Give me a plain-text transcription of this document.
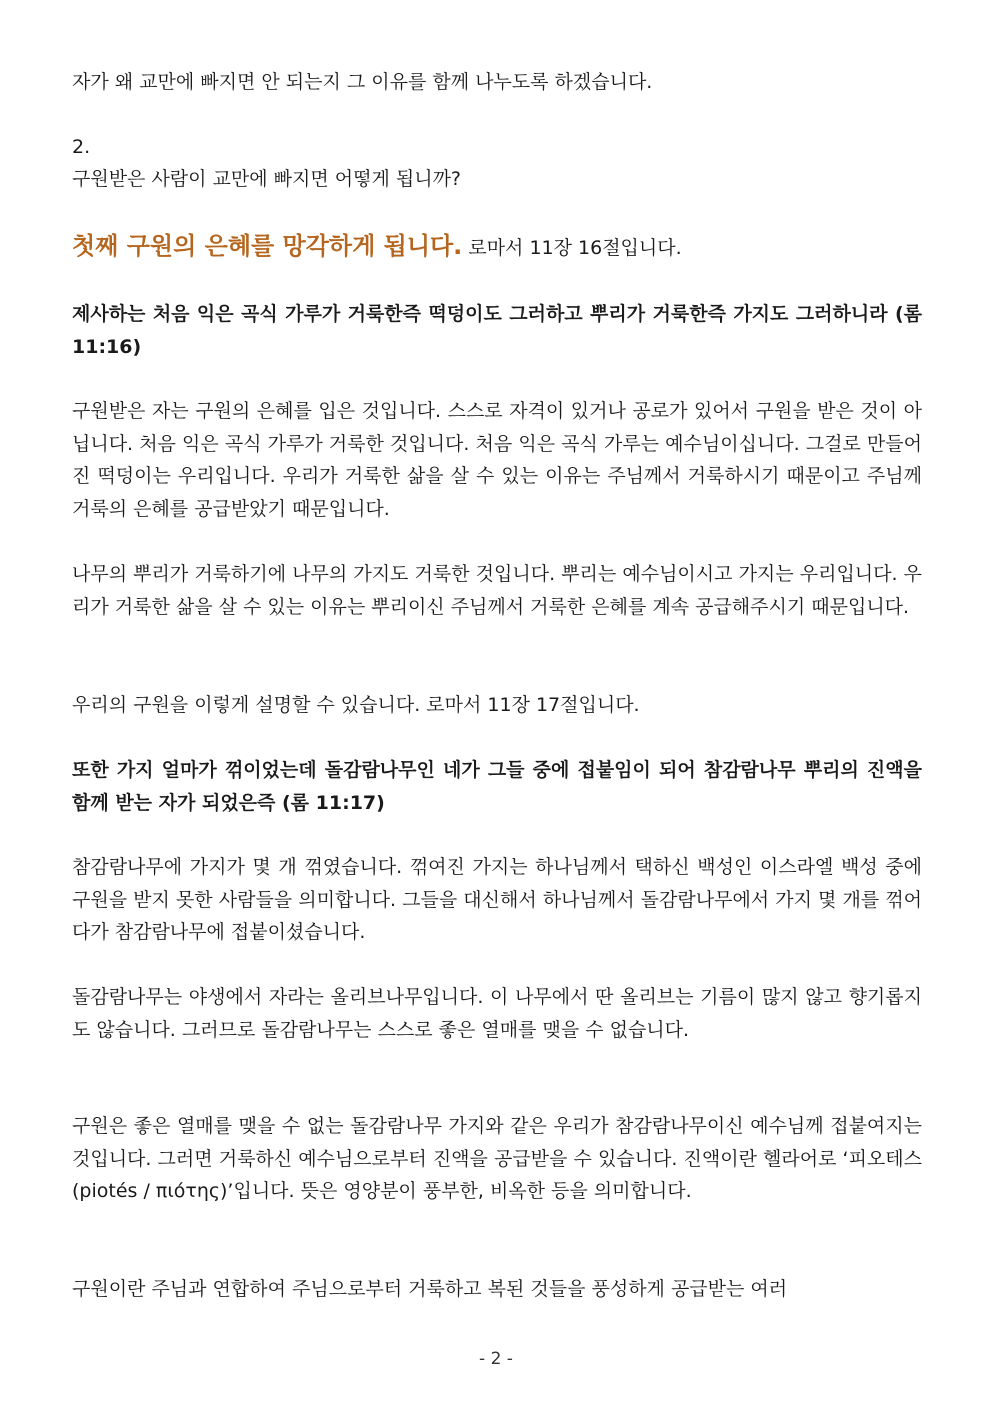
자가 왜 교만에 빠지면 안 되는지 그 이유를 함께 나누도록 하겠습니다.
2.
구원받은 사람이 교만에 빠지면 어떻게 됩니까?
첫째 구원의 은혜를 망각하게 됩니다. 로마서 11장 16절입니다.

제사하는 처음 익은 곡식 가루가 거룩한즉 떡덩이도 그러하고 뿌리가 거룩한즉 가지도 그러하니라 (롬 11:16)

구원받은 자는 구원의 은혜를 입은 것입니다. 스스로 자격이 있거나 공로가 있어서 구원을 받은 것이 아닙니다. 처음 익은 곡식 가루가 거룩한 것입니다. 처음 익은 곡식 가루는 예수님이십니다. 그걸로 만들어진 떡덩이는 우리입니다. 우리가 거룩한 삶을 살 수 있는 이유는 주님께서 거룩하시기 때문이고 주님께 거룩의 은혜를 공급받았기 때문입니다.

나무의 뿌리가 거룩하기에 나무의 가지도 거룩한 것입니다. 뿌리는 예수님이시고 가지는 우리입니다. 우리가 거룩한 삶을 살 수 있는 이유는 뿌리이신 주님께서 거룩한 은혜를 계속 공급해주시기 때문입니다.

우리의 구원을 이렇게 설명할 수 있습니다. 로마서 11장 17절입니다.

또한 가지 얼마가 꺾이었는데 돌감람나무인 네가 그들 중에 접붙임이 되어 참감람나무 뿌리의 진액을 함께 받는 자가 되었은즉 (롬 11:17)

참감람나무에 가지가 몇 개 꺾였습니다. 꺾여진 가지는 하나님께서 택하신 백성인 이스라엘 백성 중에 구원을 받지 못한 사람들을 의미합니다. 그들을 대신해서 하나님께서 돌감람나무에서 가지 몇 개를 꺾어다가 참감람나무에 접붙이셨습니다.

돌감람나무는 야생에서 자라는 올리브나무입니다. 이 나무에서 딴 올리브는 기름이 많지 않고 향기롭지도 않습니다. 그러므로 돌감람나무는 스스로 좋은 열매를 맺을 수 없습니다.

구원은 좋은 열매를 맺을 수 없는 돌감람나무 가지와 같은 우리가 참감람나무이신 예수님께 접붙여지는 것입니다. 그러면 거룩하신 예수님으로부터 진액을 공급받을 수 있습니다. 진액이란 헬라어로 ‘피오테스(piotés / πιότης)’입니다. 뜻은 영양분이 풍부한, 비옥한 등을 의미합니다.

구원이란 주님과 연합하여 주님으로부터 거룩하고 복된 것들을 풍성하게 공급받는 여러

- 2 -
